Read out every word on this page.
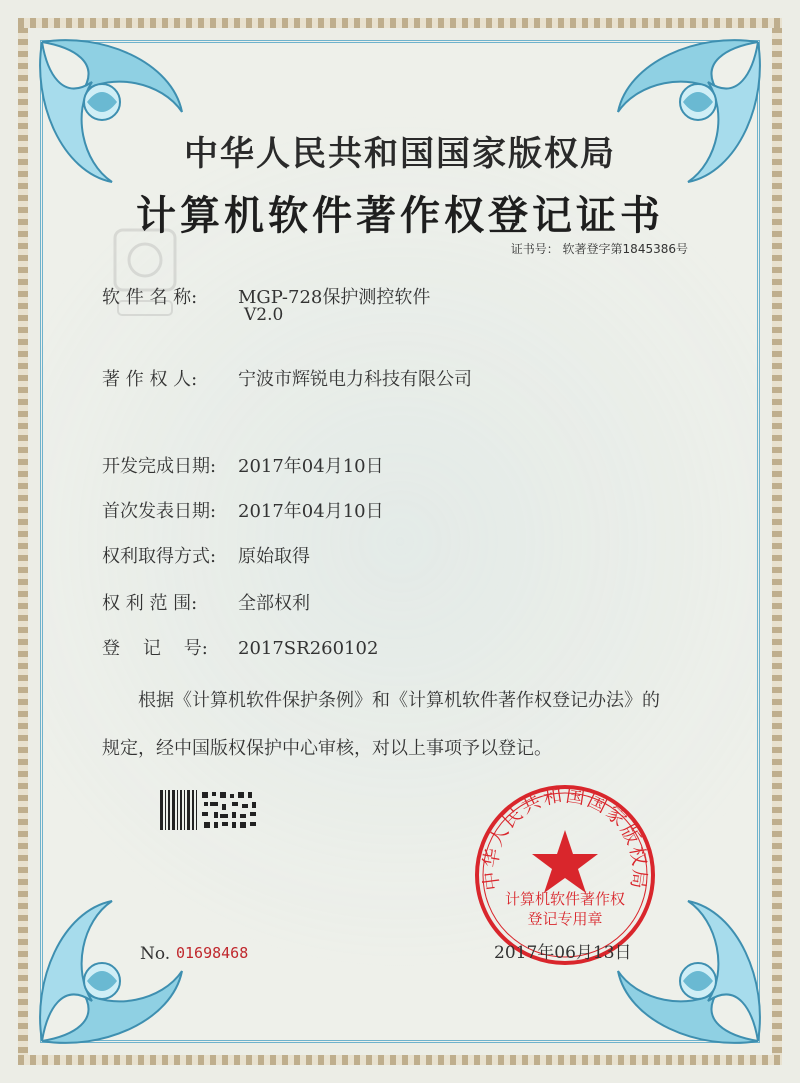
中华人民共和国国家版权局
计算机软件著作权登记证书
证书号： 软著登字第1845386号
软 件 名 称: MGP-728保护测控软件
V2.0
著 作 权 人: 宁波市辉锐电力科技有限公司
开发完成日期: 2017年04月10日
首次发表日期: 2017年04月10日
权利取得方式: 原始取得
权 利 范 围: 全部权利
登    记    号: 2017SR260102
根据《计算机软件保护条例》和《计算机软件著作权登记办法》的
规定，经中国版权保护中心审核，对以上事项予以登记。
中华人民共和国国家版权局
计算机软件著作权
登记专用章
2017年06月13日
No. 01698468
